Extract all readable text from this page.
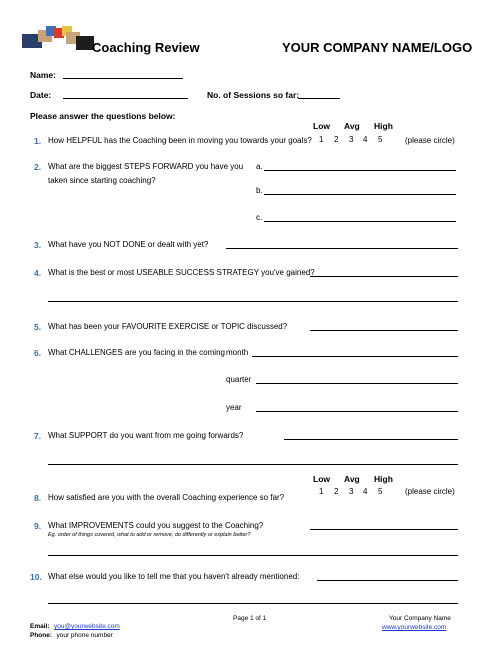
Coaching Review	YOUR COMPANY NAME/LOGO
Name:
Date:	No. of Sessions so far:
Please answer the questions below:
Low Avg High
1. How HELPFUL has the Coaching been in moving you towards your goals? 1 2 3 4 5	(please circle)
2. What are the biggest STEPS FORWARD you have you
taken since starting coaching?
a.
b.
c.
3. What have you NOT DONE or dealt with yet?
4. What is the best or most USEABLE SUCCESS STRATEGY you've gained?
5. What has been your FAVOURITE EXERCISE or TOPIC discussed?
6. What CHALLENGES are you facing in the coming month
quarter
year
7. What SUPPORT do you want from me going forwards?
Low Avg High
8. How satisfied are you with the overall Coaching experience so far?
1 2 3 4 5	(please circle)
9. What IMPROVEMENTS could you suggest to the Coaching?
Eg. order of things covered, what to add or remove, do differently or explain better?
10. What else would you like to tell me that you haven't already mentioned:
Email: you@yourwebsite.com
Phone: your phone number
Page 1 of 1	Your Company Name
www.yourwebsite.com
